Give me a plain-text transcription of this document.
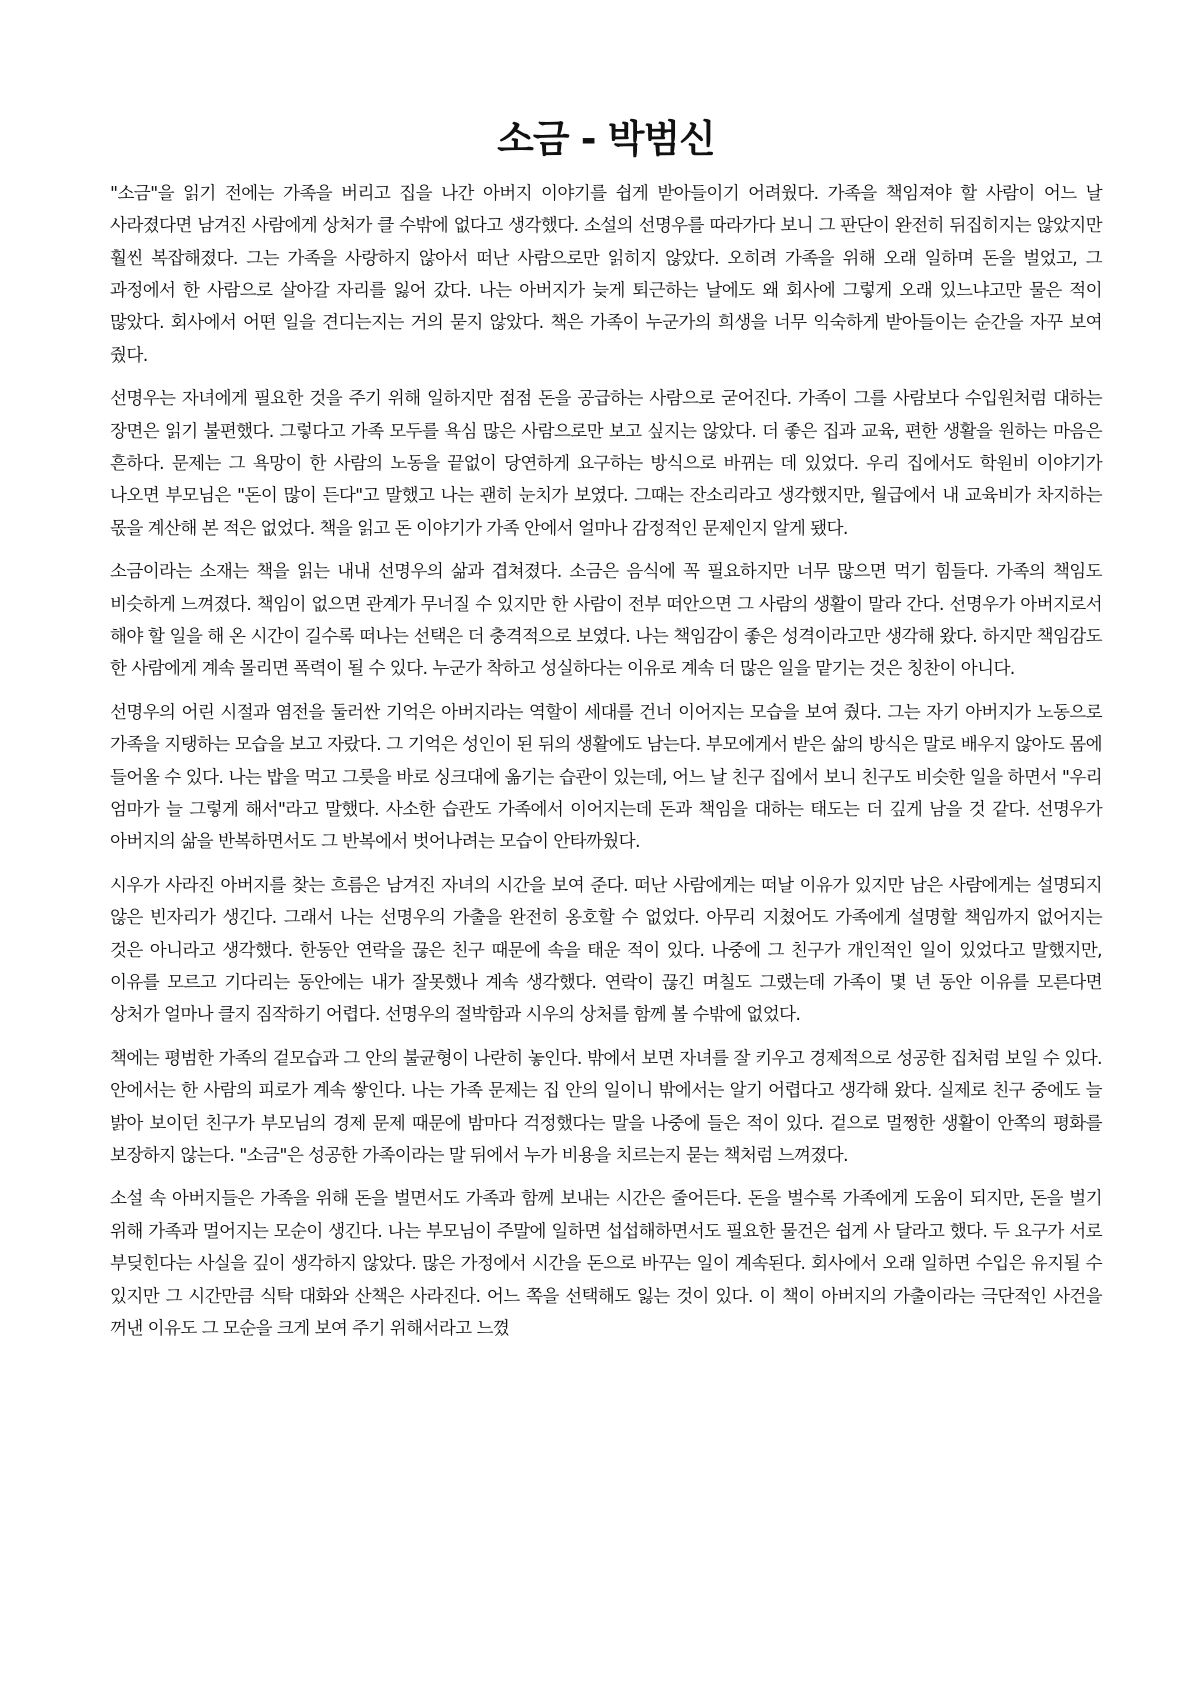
소금 - 박범신

"소금"을 읽기 전에는 가족을 버리고 집을 나간 아버지 이야기를 쉽게 받아들이기 어려웠다. 가족을 책임져야 할 사람이 어느 날 사라졌다면 남겨진 사람에게 상처가 클 수밖에 없다고 생각했다. 소설의 선명우를 따라가다 보니 그 판단이 완전히 뒤집히지는 않았지만 훨씬 복잡해졌다. 그는 가족을 사랑하지 않아서 떠난 사람으로만 읽히지 않았다. 오히려 가족을 위해 오래 일하며 돈을 벌었고, 그 과정에서 한 사람으로 살아갈 자리를 잃어 갔다. 나는 아버지가 늦게 퇴근하는 날에도 왜 회사에 그렇게 오래 있느냐고만 물은 적이 많았다. 회사에서 어떤 일을 견디는지는 거의 묻지 않았다. 책은 가족이 누군가의 희생을 너무 익숙하게 받아들이는 순간을 자꾸 보여 줬다.

선명우는 자녀에게 필요한 것을 주기 위해 일하지만 점점 돈을 공급하는 사람으로 굳어진다. 가족이 그를 사람보다 수입원처럼 대하는 장면은 읽기 불편했다. 그렇다고 가족 모두를 욕심 많은 사람으로만 보고 싶지는 않았다. 더 좋은 집과 교육, 편한 생활을 원하는 마음은 흔하다. 문제는 그 욕망이 한 사람의 노동을 끝없이 당연하게 요구하는 방식으로 바뀌는 데 있었다. 우리 집에서도 학원비 이야기가 나오면 부모님은 "돈이 많이 든다"고 말했고 나는 괜히 눈치가 보였다. 그때는 잔소리라고 생각했지만, 월급에서 내 교육비가 차지하는 몫을 계산해 본 적은 없었다. 책을 읽고 돈 이야기가 가족 안에서 얼마나 감정적인 문제인지 알게 됐다.

소금이라는 소재는 책을 읽는 내내 선명우의 삶과 겹쳐졌다. 소금은 음식에 꼭 필요하지만 너무 많으면 먹기 힘들다. 가족의 책임도 비슷하게 느껴졌다. 책임이 없으면 관계가 무너질 수 있지만 한 사람이 전부 떠안으면 그 사람의 생활이 말라 간다. 선명우가 아버지로서 해야 할 일을 해 온 시간이 길수록 떠나는 선택은 더 충격적으로 보였다. 나는 책임감이 좋은 성격이라고만 생각해 왔다. 하지만 책임감도 한 사람에게 계속 몰리면 폭력이 될 수 있다. 누군가 착하고 성실하다는 이유로 계속 더 많은 일을 맡기는 것은 칭찬이 아니다.

선명우의 어린 시절과 염전을 둘러싼 기억은 아버지라는 역할이 세대를 건너 이어지는 모습을 보여 줬다. 그는 자기 아버지가 노동으로 가족을 지탱하는 모습을 보고 자랐다. 그 기억은 성인이 된 뒤의 생활에도 남는다. 부모에게서 받은 삶의 방식은 말로 배우지 않아도 몸에 들어올 수 있다. 나는 밥을 먹고 그릇을 바로 싱크대에 옮기는 습관이 있는데, 어느 날 친구 집에서 보니 친구도 비슷한 일을 하면서 "우리 엄마가 늘 그렇게 해서"라고 말했다. 사소한 습관도 가족에서 이어지는데 돈과 책임을 대하는 태도는 더 깊게 남을 것 같다. 선명우가 아버지의 삶을 반복하면서도 그 반복에서 벗어나려는 모습이 안타까웠다.

시우가 사라진 아버지를 찾는 흐름은 남겨진 자녀의 시간을 보여 준다. 떠난 사람에게는 떠날 이유가 있지만 남은 사람에게는 설명되지 않은 빈자리가 생긴다. 그래서 나는 선명우의 가출을 완전히 옹호할 수 없었다. 아무리 지쳤어도 가족에게 설명할 책임까지 없어지는 것은 아니라고 생각했다. 한동안 연락을 끊은 친구 때문에 속을 태운 적이 있다. 나중에 그 친구가 개인적인 일이 있었다고 말했지만, 이유를 모르고 기다리는 동안에는 내가 잘못했나 계속 생각했다. 연락이 끊긴 며칠도 그랬는데 가족이 몇 년 동안 이유를 모른다면 상처가 얼마나 클지 짐작하기 어렵다. 선명우의 절박함과 시우의 상처를 함께 볼 수밖에 없었다.

책에는 평범한 가족의 겉모습과 그 안의 불균형이 나란히 놓인다. 밖에서 보면 자녀를 잘 키우고 경제적으로 성공한 집처럼 보일 수 있다. 안에서는 한 사람의 피로가 계속 쌓인다. 나는 가족 문제는 집 안의 일이니 밖에서는 알기 어렵다고 생각해 왔다. 실제로 친구 중에도 늘 밝아 보이던 친구가 부모님의 경제 문제 때문에 밤마다 걱정했다는 말을 나중에 들은 적이 있다. 겉으로 멀쩡한 생활이 안쪽의 평화를 보장하지 않는다. "소금"은 성공한 가족이라는 말 뒤에서 누가 비용을 치르는지 묻는 책처럼 느껴졌다.

소설 속 아버지들은 가족을 위해 돈을 벌면서도 가족과 함께 보내는 시간은 줄어든다. 돈을 벌수록 가족에게 도움이 되지만, 돈을 벌기 위해 가족과 멀어지는 모순이 생긴다. 나는 부모님이 주말에 일하면 섭섭해하면서도 필요한 물건은 쉽게 사 달라고 했다. 두 요구가 서로 부딪힌다는 사실을 깊이 생각하지 않았다. 많은 가정에서 시간을 돈으로 바꾸는 일이 계속된다. 회사에서 오래 일하면 수입은 유지될 수 있지만 그 시간만큼 식탁 대화와 산책은 사라진다. 어느 쪽을 선택해도 잃는 것이 있다. 이 책이 아버지의 가출이라는 극단적인 사건을 꺼낸 이유도 그 모순을 크게 보여 주기 위해서라고 느꼈
